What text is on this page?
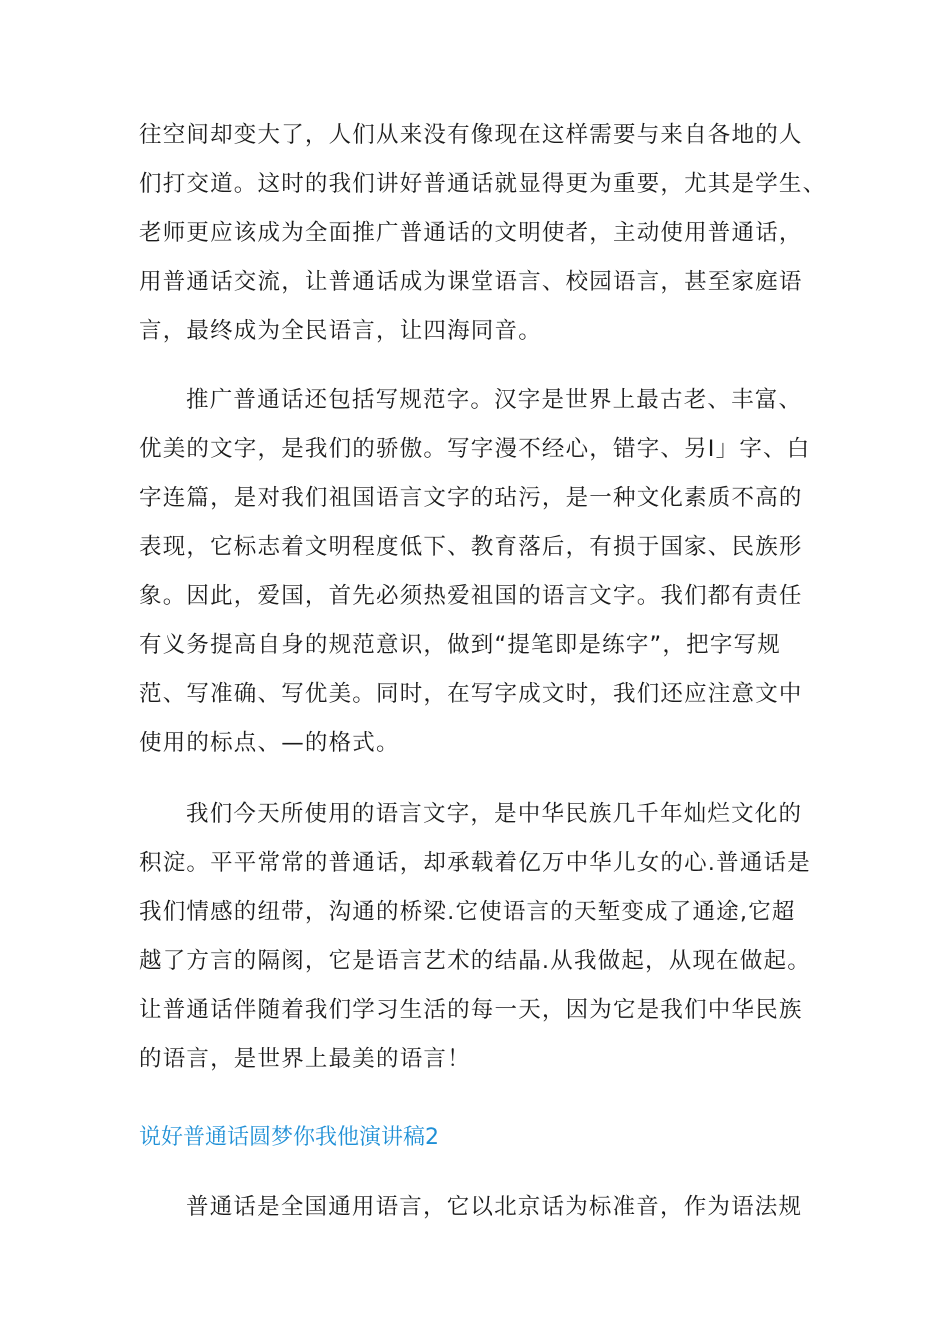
往空间却变大了，人们从来没有像现在这样需要与来自各地的人
们打交道。这时的我们讲好普通话就显得更为重要，尤其是学生、
老师更应该成为全面推广普通话的文明使者，主动使用普通话，
用普通话交流，让普通话成为课堂语言、校园语言，甚至家庭语
言，最终成为全民语言，让四海同音。
推广普通话还包括写规范字。汉字是世界上最古老、丰富、
优美的文字，是我们的骄傲。写字漫不经心，错字、另I」字、白
字连篇，是对我们祖国语言文字的玷污，是一种文化素质不高的
表现，它标志着文明程度低下、教育落后，有损于国家、民族形
象。因此，爱国，首先必须热爱祖国的语言文字。我们都有责任
有义务提高自身的规范意识，做到“提笔即是练字”，把字写规
范、写准确、写优美。同时，在写字成文时，我们还应注意文中
使用的标点、—的格式。
我们今天所使用的语言文字，是中华民族几千年灿烂文化的
积淀。平平常常的普通话，却承载着亿万中华儿女的心.普通话是
我们情感的纽带，沟通的桥梁.它使语言的天堑变成了通途,它超
越了方言的隔阂，它是语言艺术的结晶.从我做起，从现在做起。
让普通话伴随着我们学习生活的每一天，因为它是我们中华民族
的语言，是世界上最美的语言！
说好普通话圆梦你我他演讲稿2
普通话是全国通用语言，它以北京话为标准音，作为语法规
